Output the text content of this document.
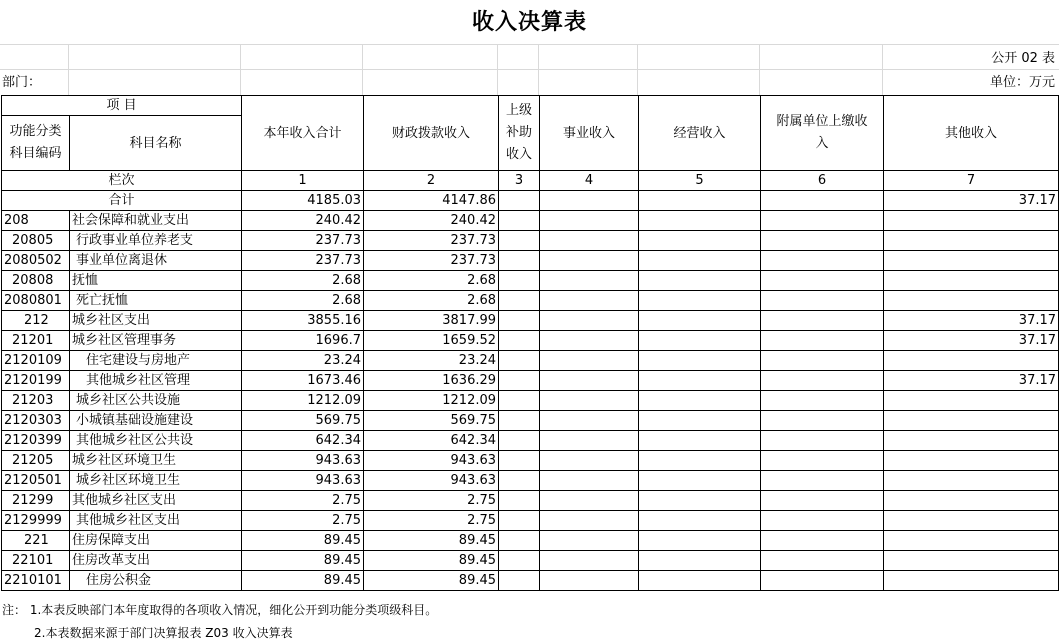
收入决算表
公开 02 表
部门：	单位：万元
项 目		本年收入合计	财政拨款收入	上级补助收入	事业收入	经营收入	附属单位上缴收入	其他收入
功能分类科目编码	科目名称							
栏次		1	2	3	4	5	6	7
合计		4185.03	4147.86					37.17
208	社会保障和就业支出	240.42	240.42					
20805	行政事业单位养老支	237.73	237.73					
2080502	事业单位离退休	237.73	237.73					
20808	抚恤	2.68	2.68					
2080801	死亡抚恤	2.68	2.68					
212	城乡社区支出	3855.16	3817.99					37.17
21201	城乡社区管理事务	1696.7	1659.52					37.17
2120109	住宅建设与房地产	23.24	23.24					
2120199	其他城乡社区管理	1673.46	1636.29					37.17
21203	城乡社区公共设施	1212.09	1212.09					
2120303	小城镇基础设施建设	569.75	569.75					
2120399	其他城乡社区公共设	642.34	642.34					
21205	城乡社区环境卫生	943.63	943.63					
2120501	城乡社区环境卫生	943.63	943.63					
21299	其他城乡社区支出	2.75	2.75					
2129999	其他城乡社区支出	2.75	2.75					
221	住房保障支出	89.45	89.45					
22101	住房改革支出	89.45	89.45					
2210101	住房公积金	89.45	89.45					
注： 1.本表反映部门本年度取得的各项收入情况，细化公开到功能分类项级科目。
2.本表数据来源于部门决算报表 Z03 收入决算表
